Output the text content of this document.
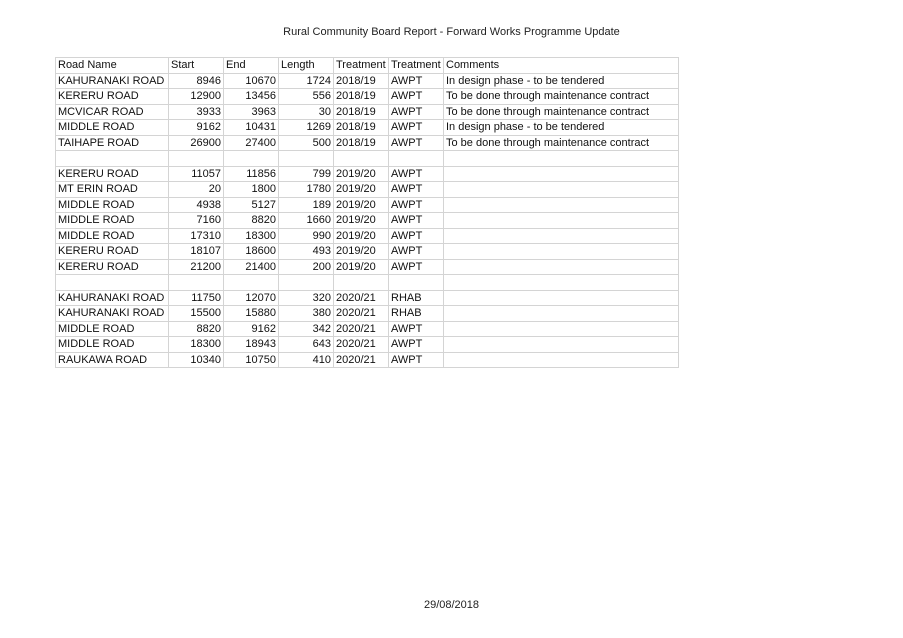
Rural Community Board Report - Forward Works Programme Update
Road Name	Start	End	Length	Treatment	Treatment	Comments
KAHURANAKI ROAD	8946	10670	1724	2018/19	AWPT	In design phase - to be tendered
KERERU ROAD	12900	13456	556	2018/19	AWPT	To be done through maintenance contract
MCVICAR ROAD	3933	3963	30	2018/19	AWPT	To be done through maintenance contract
MIDDLE ROAD	9162	10431	1269	2018/19	AWPT	In design phase - to be tendered
TAIHAPE ROAD	26900	27400	500	2018/19	AWPT	To be done through maintenance contract

KERERU ROAD	11057	11856	799	2019/20	AWPT	
MT ERIN ROAD	20	1800	1780	2019/20	AWPT	
MIDDLE ROAD	4938	5127	189	2019/20	AWPT	
MIDDLE ROAD	7160	8820	1660	2019/20	AWPT	
MIDDLE ROAD	17310	18300	990	2019/20	AWPT	
KERERU ROAD	18107	18600	493	2019/20	AWPT	
KERERU ROAD	21200	21400	200	2019/20	AWPT	

KAHURANAKI ROAD	11750	12070	320	2020/21	RHAB	
KAHURANAKI ROAD	15500	15880	380	2020/21	RHAB	
MIDDLE ROAD	8820	9162	342	2020/21	AWPT	
MIDDLE ROAD	18300	18943	643	2020/21	AWPT	
RAUKAWA ROAD	10340	10750	410	2020/21	AWPT	
29/08/2018
